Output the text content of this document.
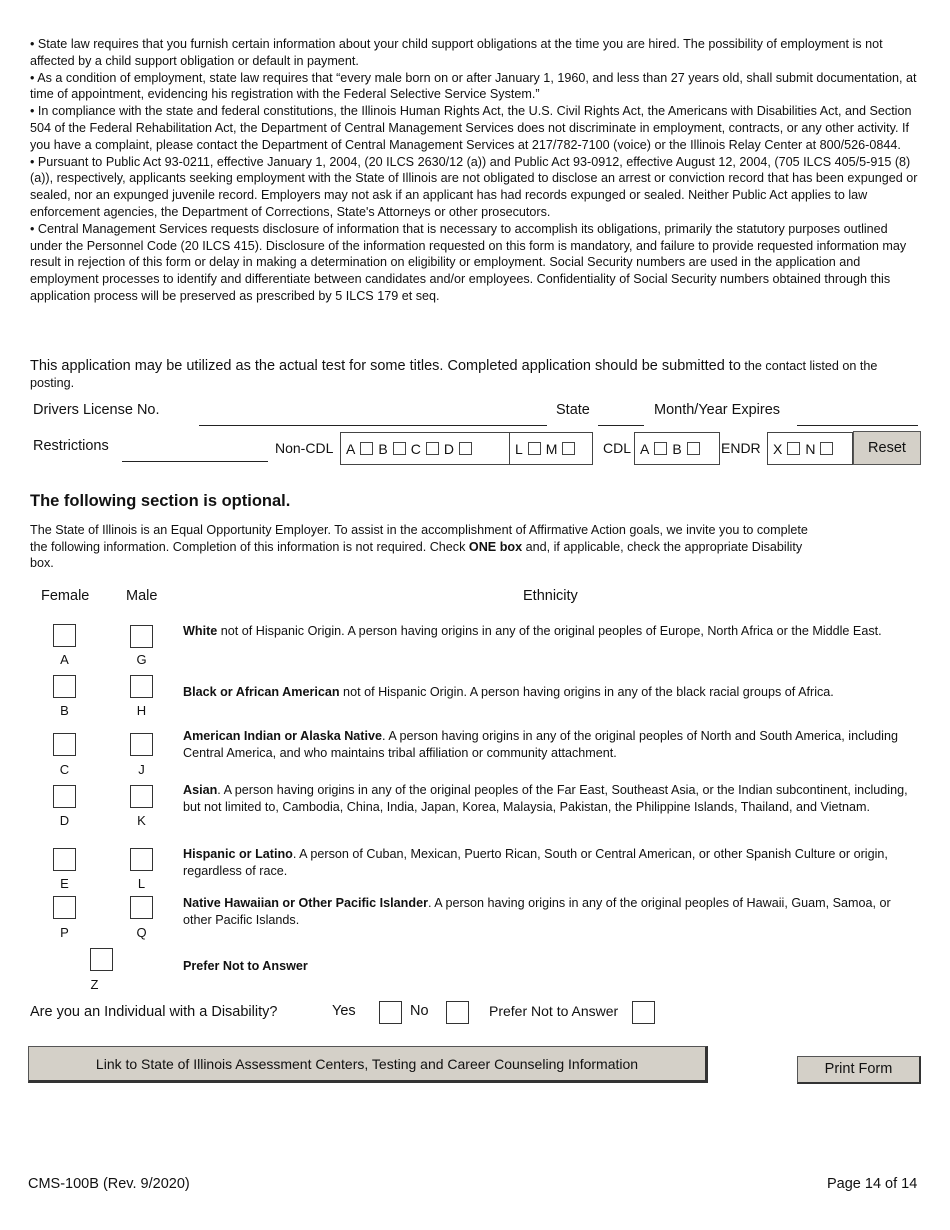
• State law requires that you furnish certain information about your child support obligations at the time you are hired. The possibility of employment is not affected by a child support obligation or default in payment.

• As a condition of employment, state law requires that “every male born on or after January 1, 1960, and less than 27 years old, shall submit documentation, at time of appointment, evidencing his registration with the Federal Selective Service System.”

• In compliance with the state and federal constitutions, the Illinois Human Rights Act, the U.S. Civil Rights Act, the Americans with Disabilities Act, and Section 504 of the Federal Rehabilitation Act, the Department of Central Management Services does not discriminate in employment, contracts, or any other activity. If you have a complaint, please contact the Department of Central Management Services at 217/782-7100 (voice) or the Illinois Relay Center at 800/526-0844.

• Pursuant to Public Act 93-0211, effective January 1, 2004, (20 ILCS 2630/12 (a)) and Public Act 93-0912, effective August 12, 2004, (705 ILCS 405/5-915 (8)(a)), respectively, applicants seeking employment with the State of Illinois are not obligated to disclose an arrest or conviction record that has been expunged or sealed, nor an expunged juvenile record. Employers may not ask if an applicant has had records expunged or sealed. Neither Public Act applies to law enforcement agencies, the Department of Corrections, State's Attorneys or other prosecutors.

• Central Management Services requests disclosure of information that is necessary to accomplish its obligations, primarily the statutory purposes outlined under the Personnel Code (20 ILCS 415). Disclosure of the information requested on this form is mandatory, and failure to provide requested information may result in rejection of this form or delay in making a determination on eligibility or employment. Social Security numbers are used in the application and employment processes to identify and differentiate between candidates and/or employees. Confidentiality of Social Security numbers obtained through this application process will be preserved as prescribed by 5 ILCS 179 et seq.

This application may be utilized as the actual test for some titles. Completed application should be submitted to the contact listed on the posting.
Drivers License No.	State	Month/Year Expires
Restrictions	Non-CDL A B C D	L M	CDL A B	ENDR X N	Reset
The following section is optional.
The State of Illinois is an Equal Opportunity Employer. To assist in the accomplishment of Affirmative Action goals, we invite you to complete the following information. Completion of this information is not required. Check ONE box and, if applicable, check the appropriate Disability box.
Female	Male	Ethnicity
A	G
White not of Hispanic Origin. A person having origins in any of the original peoples of Europe, North Africa or the Middle East.
B	H
Black or African American not of Hispanic Origin. A person having origins in any of the black racial groups of Africa.
C	J
American Indian or Alaska Native. A person having origins in any of the original peoples of North and South America, including Central America, and who maintains tribal affiliation or community attachment.
D	K
Asian. A person having origins in any of the original peoples of the Far East, Southeast Asia, or the Indian subcontinent, including, but not limited to, Cambodia, China, India, Japan, Korea, Malaysia, Pakistan, the Philippine Islands, Thailand, and Vietnam.
E	L
Hispanic or Latino. A person of Cuban, Mexican, Puerto Rican, South or Central American, or other Spanish Culture or origin, regardless of race.
P	Q
Native Hawaiian or Other Pacific Islander. A person having origins in any of the original peoples of Hawaii, Guam, Samoa, or other Pacific Islands.
Z
Prefer Not to Answer
Are you an Individual with a Disability?	Yes	No	Prefer Not to Answer
Link to State of Illinois Assessment Centers, Testing and Career Counseling Information	Print Form
CMS-100B (Rev. 9/2020)	Page 14 of 14
